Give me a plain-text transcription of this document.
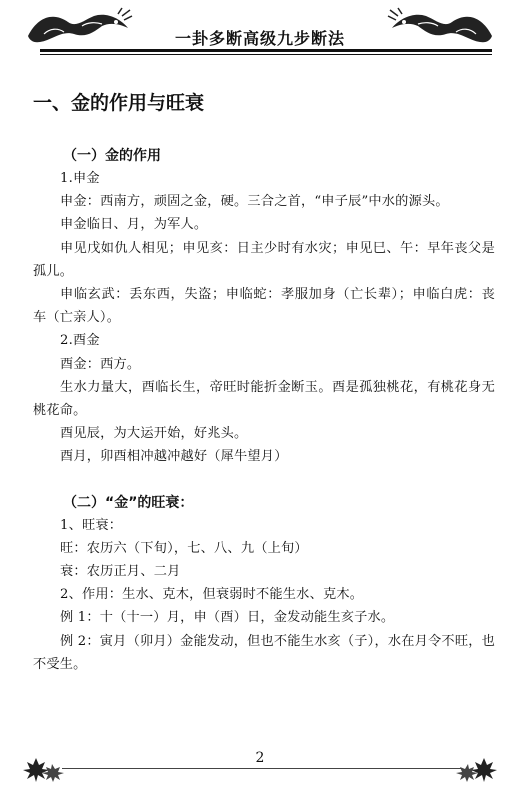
一卦多断高级九步断法
一、金的作用与旺衰
（一）金的作用

1.申金

申金：西南方，顽固之金，硬。三合之首，“申子辰”中水的源头。

申金临日、月，为军人。

申见戊如仇人相见；申见亥：日主少时有水灾；申见巳、午：早年丧父是孤儿。

申临玄武：丢东西，失盗；申临蛇：孝服加身（亡长辈）；申临白虎：丧车（亡亲人）。

2.酉金

酉金：西方。

生水力量大，酉临长生，帝旺时能折金断玉。酉是孤独桃花，有桃花身无桃花命。

酉见辰，为大运开始，好兆头。

酉月，卯酉相冲越冲越好（犀牛望月）

（二）“金”的旺衰：

1、旺衰：

旺：农历六（下旬），七、八、九（上旬）

衰：农历正月、二月

2、作用：生水、克木，但衰弱时不能生水、克木。

例 1：十（十一）月，申（酉）日，金发动能生亥子水。

例 2：寅月（卯月）金能发动，但也不能生水亥（子），水在月令不旺，也不受生。

2
